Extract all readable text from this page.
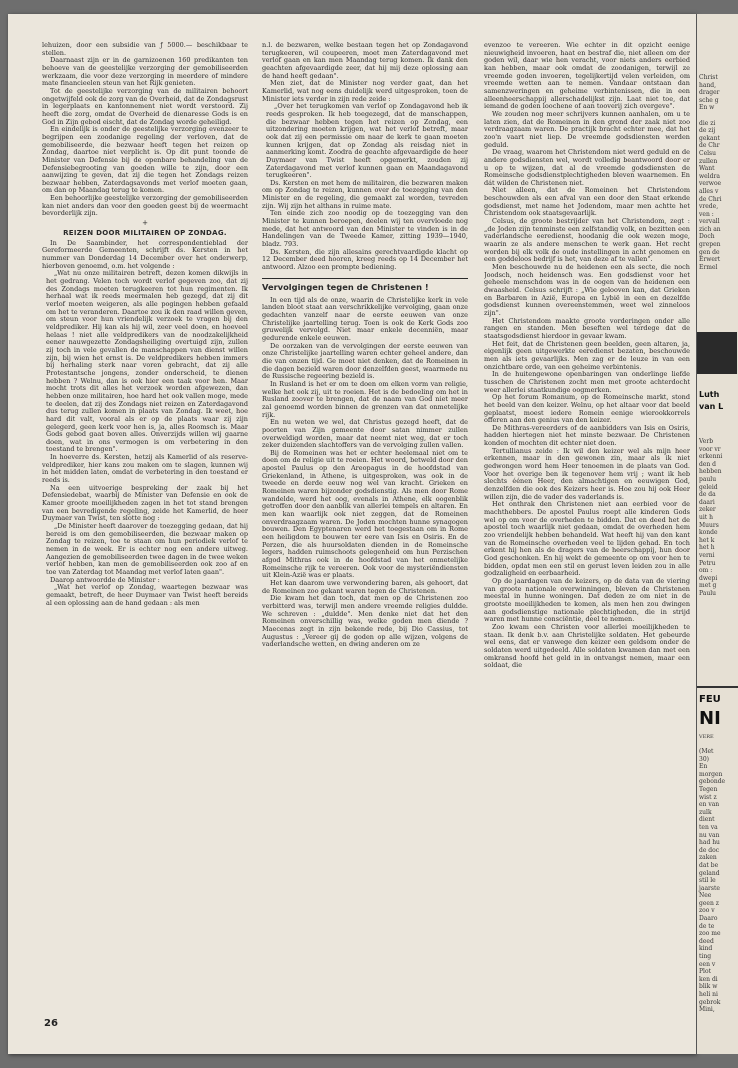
lehuizen, door een subsidie van ƒ 5000.— beschikbaar te stellen.

Daarnaast zijn er in de garnizoenen 160 predikanten ten behoeve van de geestelijke verzorging der gemobiliseerden werkzaam, die voor deze verzorging in meerdere of mindere mate financieelen steun van het Rijk genieten.

Tot de geestelijke verzorging van de militairen behoort ongetwijfeld ook de zorg van de Overheid, dat de Zondagsrust in legerplaats en kantonnement niet wordt verstoord. Zij heeft die zorg, omdat de Overheid de dienaresse Gods is en God in Zijn gebod eischt, dat de Zondag worde geheiligd.

En eindelijk is onder de geestelijke verzorging evenzeer te begrijpen een zoodanige regeling der verloven, dat de gemobiliseerde, die bezwaar heeft tegen het reizen op Zondag, daartoe niet verplicht is. Op dit punt toonde de Minister van Defensie bij de openbare behandeling van de Defensiebegrooting van goeden wille te zijn, door een aanwijzing te geven, dat zij die tegen het Zondags reizen bezwaar hebben, Zaterdagsavonds met verlof moeten gaan, om dan op Maandag terug te komen.

Een behoorlijke geestelijke verzorging der gemobiliseerden kan niet anders dan voor den goeden geest bij de weermacht bevorderlijk zijn.

+
REIZEN DOOR MILITAIREN OP ZONDAG.

In De Saambinder, het correspondentieblad der Gereformeerde Gemeenten, schrijft ds. Kersten in het nummer van Donderdag 14 December over het onderwerp, hierboven genoemd, o.m. het volgende :

„Wat nu onze militairen betreft, dezen komen dikwijls in het gedrang. Velen toch wordt verlof gegeven zoo, dat zij des Zondags moeten terugkeeren tot hun regimenten. Ik herhaal wat ik reeds meermalen heb gezegd, dat zij dit verlof moeten weigeren, als alle pogingen hebben gefaald om het te veranderen. Daartoe zou ik den raad willen geven, om steun voor hun vriendelijk verzoek te vragen bij den veldprediker. Hij kan als hij wil, zeer veel doen, en hoeveel helaas ! niet alle veldpredikers van de noodzakelijkheid eener nauwgezette Zondagsheiliging overtuigd zijn, zullen zij toch in vele gevallen de manschappen van dienst willen zijn, bij wien het ernst is. De veldpredikers hebben immers bij herhaling sterk naar voren gebracht, dat zij alle Protestantsche jongens, zonder onderscheid, te dienen hebben ? Welnu, dan is ook hier een taak voor hen. Maar mocht trots dit alles het verzoek worden afgewezen, dan hebben onze militairen, hoe hard het ook vallen moge, mede te deelen, dat zij des Zondags niet reizen en Zaterdagavond dus terug zullen komen in plaats van Zondag. Ik weet, hoe hard dit valt, vooral als er op de plaats waar zij zijn gelegerd, geen kerk voor hen is, ja, alles Roomsch is. Maar Gods gebod gaat boven alles. Onverzijds willen wij gaarne doen, wat in ons vermogen is om verbetering in den toestand te brengen".

In hoeverre ds. Kersten, hetzij als Kamerlid of als reserve-veldprediker, hier kans zou maken om te slagen, kunnen wij in het midden laten, omdat de verbetering in den toestand er reeds is.

Na een uitvoerige bespreking der zaak bij het Defensiedebat, waarbij de Minister van Defensie en ook de Kamer groote moeilijkheden zagen in het tot stand brengen van een bevredigende regeling, zeide het Kamerlid, de heer Duymaer van Twist, ten slotte nog :

„De Minister heeft daarover de toezegging gedaan, dat hij bereid is om den gemobiliseerden, die bezwaar maken op Zondag te reizen, toe te staan om hun periodiek verlof te nemen in de week. Er is echter nog een andere uitweg. Aangezien de gemobiliseerden twee dagen in de twee weken verlof hebben, kan men de gemobiliseerden ook zoo af en toe van Zaterdag tot Maandag met verlof laten gaan".

Daarop antwoordde de Minister :

„Wat het verlof op Zondag, waartegen bezwaar was gemaakt, betreft, de heer Duymaer van Twist heeft bereids al een oplossing aan de hand gedaan : als men

n.l. de bezwaren, welke bestaan tegen het op Zondagavond terugkeeren, wil coupeeren, moet men Zaterdagavond met verlof gaan en kan men Maandag terug komen. Ik dank den geachten afgevaardigde zeer, dat hij mij deze oplossing aan de hand heeft gedaan".

Men ziet, dat de Minister nog verder gaat, dan het Kamerlid, wat nog eens duidelijk werd uitgesproken, toen de Minister iets verder in zijn rede zeide :

„Over het terugkomen van verlof op Zondagavond heb ik reeds gesproken. Ik heb toegezegd, dat de manschappen, die bezwaar hebben tegen het reizen op Zondag, een uitzondering moeten krijgen, wat het verlof betreft, maar ook dat zij een permissie om naar de kerk te gaan moeten kunnen krijgen, dat op Zondag als reisdag niet in aanmerking komt. Zoodra de geachte afgevaardigde de heer Duymaer van Twist heeft opgemerkt, zouden zij Zaterdagavond met verlof kunnen gaan en Maandagavond terugkeeren".

Ds. Kersten en met hem de militairen, die bezwaren maken om op Zondag te reizen, kunnen over de toezegging van den Minister en de regeling, die gemaakt zal worden, tevreden zijn. Wij zijn het althans in ruime mate.

Ten einde zich zoo noodig op de toezegging van den Minister te kunnen beroepen, deelen wij ten overvloede nog mede, dat het antwoord van den Minister te vinden is in de Handelingen van de Tweede Kamer, zitting 1939—1940, bladz. 793.

Ds. Kersten, die zijn allesains gerechtvaardigde klacht op 12 December deed hooren, kreeg reeds op 14 December het antwoord. Alzoo een prompte bediening.

Vervolgingen tegen de Christenen !

In een tijd als de onze, waarin de Christelijke kerk in vele landen bloot staat aan verschrikkelijke vervolging, gaan onze gedachten vanzelf naar de eerste eeuwen van onze Christelijke jaartelling terug. Toen is ook de Kerk Gods zoo gruwelijk vervolgd. Niet maar enkele decenniën, maar gedurende enkele eeuwen.

De oorzaken van de vervolgingen der eerste eeuwen van onze Christelijke jaartelling waren echter geheel andere, dan die van onzen tijd. Ge moet niet denken, dat de Romeinen in die dagen bezield waren door denzelfden geest, waarmede nu de Russische regeering bezield is.

In Rusland is het er om te doen om elken vorm van religie, welke het ook zij, uit te roeien. Het is de bedoeling om het in Rusland zoover te brengen, dat de naam van God niet meer zal genoemd worden binnen de grenzen van dat onmetelijke rijk.

En nu weten we wel, dat Christus gezegd heeft, dat de poorten van Zijn gemeente door satan nimmer zullen overweldigd worden, maar dat neemt niet weg, dat er toch zeker duizenden slachtoffers van de vervolging zullen vallen.

Bij de Romeinen was het er echter heelemaal niet om te doen om de religie uit te roeien. Het woord, betweld door den apostel Paulus op den Areopagus in de hoofdstad van Griekenland, in Athene, is uitgesproken, was ook in de tweede en derde eeuw nog wel van kracht. Grieken en Romeinen waren bijzonder godsdienstig. Als men door Rome wandelde, werd het oog, evenals in Athene, elk oogenblik getroffen door den aanblik van allerlei tempels en altaren. En men kan waarlijk ook niet zeggen, dat de Romeinen onverdraagzaam waren. De Joden mochten hunne synagogen bouwen. Den Egyptenaren werd het toegestaan om in Rome een heiligdom te bouwen ter eere van Isis en Osiris. En de Perzen, die als huursoldaten dienden in de Romeinsche legers, hadden ruimschoots gelegenheid om hun Perzischen afgod Mithras ook in de hoofdstad van het onmetelijke Romeinsche rijk te vereeren. Ook voor de mysteriëndiensten uit Klein-Azië was er plaats.

Het kan daarom uwe verwondering baren, als gehoort, dat de Romeinen zoo gekant waren tegen de Christenen.

Die kwam het dan toch, dat men op de Christenen zoo verbitterd was, terwijl men andere vreemde religies duldde. We schreven : „duldde". Men denke niet dat het den Romeinen onverschillig was, welke goden men diende ? Maecenas zegt in zijn bekende rede, bij Dio Cassius, tot Augustus : „Vereer gij de goden op alle wijzen, volgens de vaderlandsche wetten, en dwing anderen om ze

evenzoo te vereeren. Wie echter in dit opzicht eenige nieuwigheid invoeren, haat en bestraf die, niet alleen om der goden wil, daar wie hen veracht, voor niets anders eerbied kan hebben, maar ook omdat de zoodanigen, terwijl ze vreemde goden invoeren, tegelijkertijd velen verleiden, om vreemde wetten aan te nemen. Vandaar ontstaan dan samenzweringen en geheime verbintenissen, die in een alleenheerschappij allerschadelijkst zijn. Laat niet toe, dat iemand de goden loochene of aan tooverij zich overgeve".

We zouden nog meer schrijvers kunnen aanhalen, om u te laten zien, dat de Romeinen in den grond der zaak niet zoo verdraagzaam waren. De practijk bracht echter mee, dat het zoo'n vaart niet liep. De vreemde godsdiensten werden geduld.

De vraag, waarom het Christendom niet werd geduld en de andere godsdiensten wel, wordt volledig beantwoord door er u op te wijzen, dat al de vreemde godsdiensten de Romeinsche godsdienstplechtigheden bleven waarnemen. En dát wilden de Christenen niet.

Niet alleen, dat de Romeinen het Christendom beschouwden als een afval van een door den Staat erkende godsdienst, met name het Jodendom, maar men achtte het Christendom ook staatsgevaarlijk.

Celsus, de groote bestrijder van het Christendom, zegt : „de Joden zijn tenminste een zelfstandig volk, en bezitten een vaderlandsche eeredienst, hoodanig die ook wezen moge, waarin ze als andere menschen te werk gaan. Het recht worden bij elk volk de oude instellingen in acht genomen en een goddeloos bedrijf is het, van deze af te vallen".

Men beschouwde nu de heidenen een als secte, die noch Joodsch, noch heidensch was. Een godsdienst voor het geheele menschdom was in de oogen van de heidenen een dwaasheid. Celsus schrijft : „Wie gelooven kan, dat Grieken en Barbaren in Azië, Europa en Lybië in een en dezelfde godsdienst kunnen overeenstemmen, weet wel zinneloos zijn".

Het Christendom maakte groote vorderingen onder alle rangen en standen. Men beseften wel terdege dat de staatsgodsdienst hierdoor in gevaar kwam.

Het feit, dat de Christenen geen beelden, geen altaren, ja, eigenlijk geen uitgewerkte eeredienst bezaten, beschouwde men als iets gevaarlijks. Men zag er de leuze in van een onzichtbare orde, van een geheime verbintenis.

In de huitengewone openbaringen van onderlinge liefde tusschen de Christenen zocht men met groote achterdocht weer allerlei staatkundige oogmerken.

Op het forum Romanum, op de Romeinsche markt, stond het beeld van den keizer. Welnu, op het altaar voor dat beeld geplaatst, moest iedere Romein eenige wierookkorrels offeren aan den genius van den keizer.

De Mithras-vereerders of de aanbidders van Isis en Osiris, hadden hiertegen niet het minste bezwaar. De Christenen konden of mochten dit echter niet doen.

Tertullianus zeide : Ik wil den keizer wel als mijn heer erkennen, maar in den gewonen zin, maar als ik niet gedwongen word hem Heer tenoemen in de plaats van God. Voor het overige ben ik tegenover hem vrij ; want ik heb slechts éénen Heer, den almachtigen en eeuwigen God, denzelfden die ook des Keizers heer is. Hoe zou hij ook Heer willen zijn, die de vader des vaderlands is.

Het onthrak den Christenen niet aan eerbied voor de machthebbers. De apostel Paulus roept alle kinderen Gods wel op om voor de overheden te bidden. Dat en deed het de apostel toch waarlijk niet gedaan, omdat de overheden hem zoo vriendelijk hebben behandeld. Wat heeft hij van den kant van de Romeinsche overheden veel te lijden gehad. En toch erkent hij hen als de dragers van de heerschappij, hun door God geschonken. En hij wekt de gemeente op om voor hen te bidden, opdat men een stil en gerust leven leiden zou in alle godzaligheid en eerbaarheid.

Op de jaardagen van de keizers, op de data van de viering van groote nationale overwinningen, bleven de Christenen meestal in hunne woningen. Dat deden ze om niet in de grootste moeilijkheden te komen, als men hen zou dwingen aan godsdienstige nationale plechtigheden, die in strijd waren met hunne consciëntie, deel te nemen.

Zoo kwam een Christen voor allerlei moeilijkheden te staan. Ik denk b.v. aan Christelijke soldaten. Het gebeurde wel eens, dat er vanwege den keizer een geldsom onder de soldaten werd uitgedeeld. Alle soldaten kwamen dan met een omkransd hoofd het geld in in ontvangst nemen, maar een soldaat, die

26
Christ
hand,
drager
sche g
En w

die zi
de zij
gekant
de Chr
Celsu
zullen
Want
weldra
verwoe
alles v
de Chri
vrede,
ven :
vervall
zich an
Doch
grepen
gen de
Erwert
Ermel
Luth
van L
Verb
voor vr
erkenni
den d
hebben
paulu
geleid
de da
daari
zeker
uit h
Muurs
konde
het k
het h
verni
Petru
om :
dwepi
met g
Paulu
FEU
NI
VERE
(Met
30)
En
morgen
gebonde
Tegen
wist z
en van
zulk
dient
ten va
nu van
had hu
de doc
zaken
dat be
geland
stil le
jaarste
Nee
geen z
zoo v
Daaro
de te
zoo me
deed
kind
ting
een v
Plot
ken di
blik w
heli ni
gebrok
Mini,
